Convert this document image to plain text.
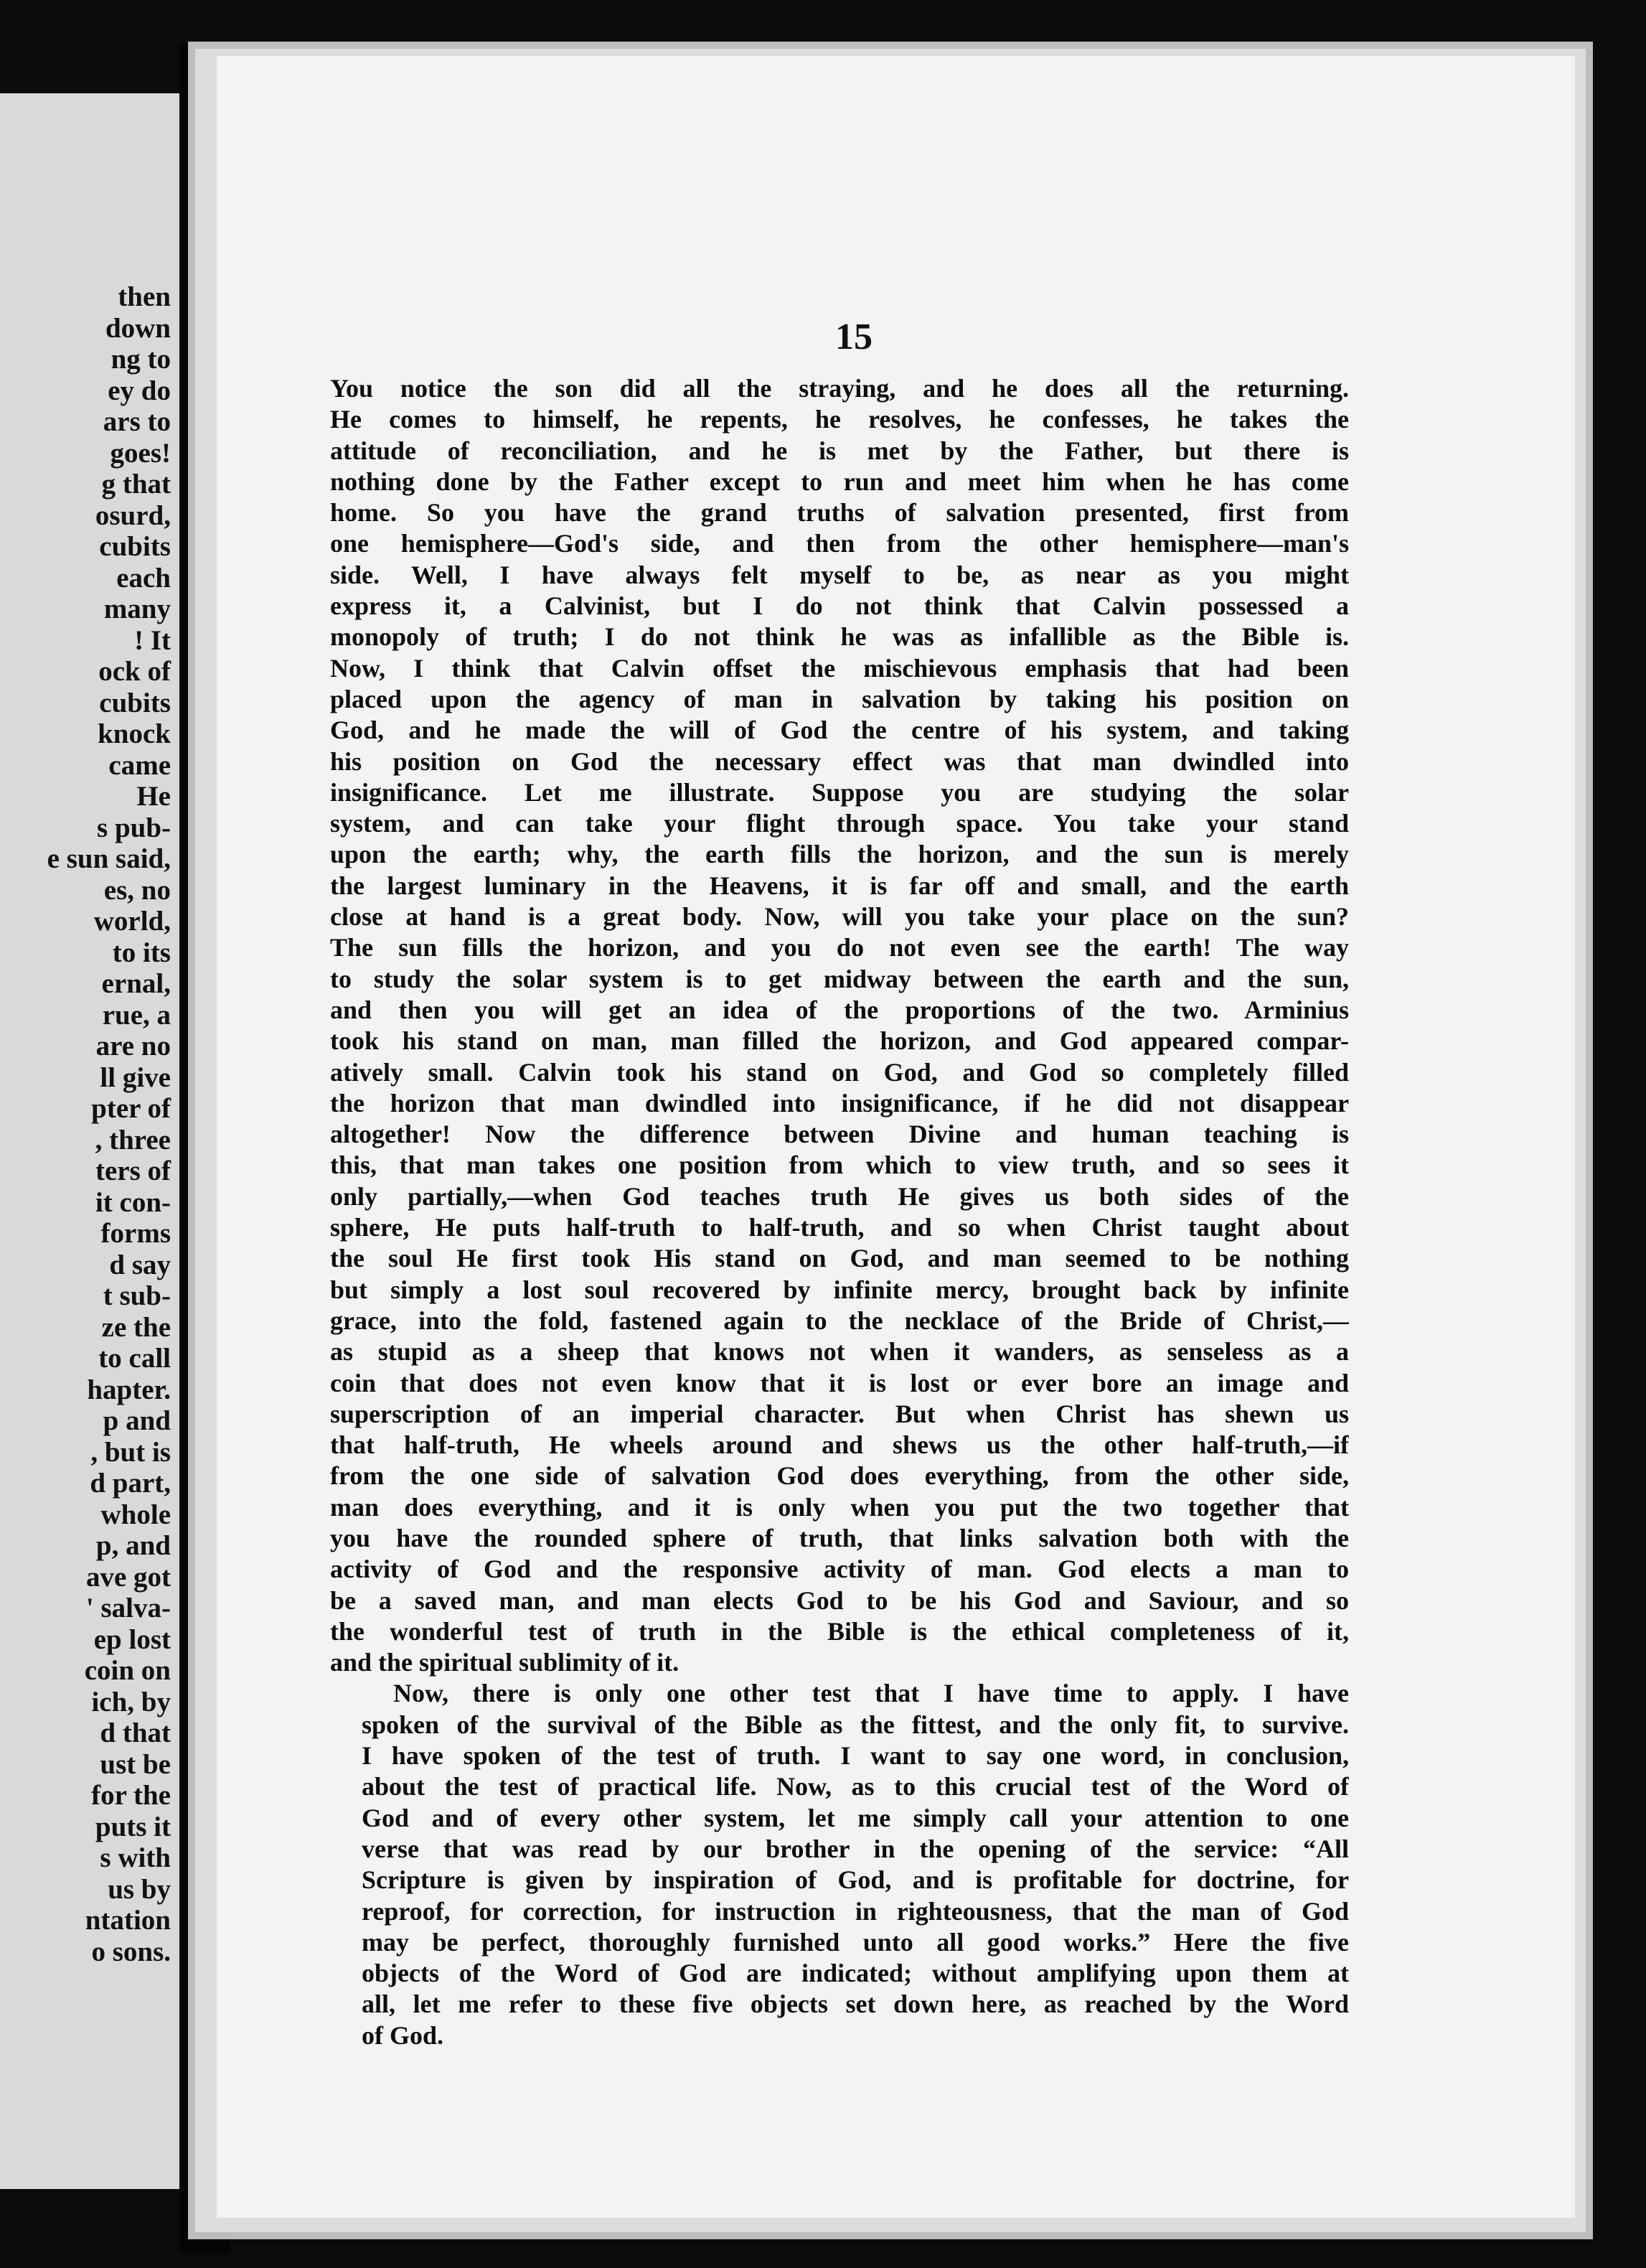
then
down
ng to
ey do
ars to
goes!
g that
osurd,
cubits
each
many
! It
ock of
cubits
knock
came
He
s pub-
e sun said,
es, no
world,
to its
ernal,
rue, a
are no
ll give
pter of
, three
ters of
it con-
forms
d say
t sub-
ze the
to call
hapter.
p and
, but is
d part,
whole
p, and
ave got
' salva-
ep lost
coin on
ich, by
d that
ust be
for the
puts it
s with
us by
ntation
o sons.
15

You notice the son did all the straying, and he does all the returning.
He comes to himself, he repents, he resolves, he confesses, he takes the
attitude of reconciliation, and he is met by the Father, but there is
nothing done by the Father except to run and meet him when he has come
home. So you have the grand truths of salvation presented, first from
one hemisphere—God's side, and then from the other hemisphere—man's
side. Well, I have always felt myself to be, as near as you might
express it, a Calvinist, but I do not think that Calvin possessed a
monopoly of truth; I do not think he was as infallible as the Bible is.
Now, I think that Calvin offset the mischievous emphasis that had been
placed upon the agency of man in salvation by taking his position on
God, and he made the will of God the centre of his system, and taking
his position on God the necessary effect was that man dwindled into
insignificance. Let me illustrate. Suppose you are studying the solar
system, and can take your flight through space. You take your stand
upon the earth; why, the earth fills the horizon, and the sun is merely
the largest luminary in the Heavens, it is far off and small, and the earth
close at hand is a great body. Now, will you take your place on the sun?
The sun fills the horizon, and you do not even see the earth! The way
to study the solar system is to get midway between the earth and the sun,
and then you will get an idea of the proportions of the two. Arminius
took his stand on man, man filled the horizon, and God appeared compar-
atively small. Calvin took his stand on God, and God so completely filled
the horizon that man dwindled into insignificance, if he did not disappear
altogether! Now the difference between Divine and human teaching is
this, that man takes one position from which to view truth, and so sees it
only partially,—when God teaches truth He gives us both sides of the
sphere, He puts half-truth to half-truth, and so when Christ taught about
the soul He first took His stand on God, and man seemed to be nothing
but simply a lost soul recovered by infinite mercy, brought back by infinite
grace, into the fold, fastened again to the necklace of the Bride of Christ,—
as stupid as a sheep that knows not when it wanders, as senseless as a
coin that does not even know that it is lost or ever bore an image and
superscription of an imperial character. But when Christ has shewn us
that half-truth, He wheels around and shews us the other half-truth,—if
from the one side of salvation God does everything, from the other side,
man does everything, and it is only when you put the two together that
you have the rounded sphere of truth, that links salvation both with the
activity of God and the responsive activity of man. God elects a man to
be a saved man, and man elects God to be his God and Saviour, and so
the wonderful test of truth in the Bible is the ethical completeness of it,
and the spiritual sublimity of it.

Now, there is only one other test that I have time to apply. I have
spoken of the survival of the Bible as the fittest, and the only fit, to survive.
I have spoken of the test of truth. I want to say one word, in conclusion,
about the test of practical life. Now, as to this crucial test of the Word of
God and of every other system, let me simply call your attention to one
verse that was read by our brother in the opening of the service: “All
Scripture is given by inspiration of God, and is profitable for doctrine, for
reproof, for correction, for instruction in righteousness, that the man of God
may be perfect, thoroughly furnished unto all good works.” Here the five
objects of the Word of God are indicated; without amplifying upon them at
all, let me refer to these five objects set down here, as reached by the Word
of God.
